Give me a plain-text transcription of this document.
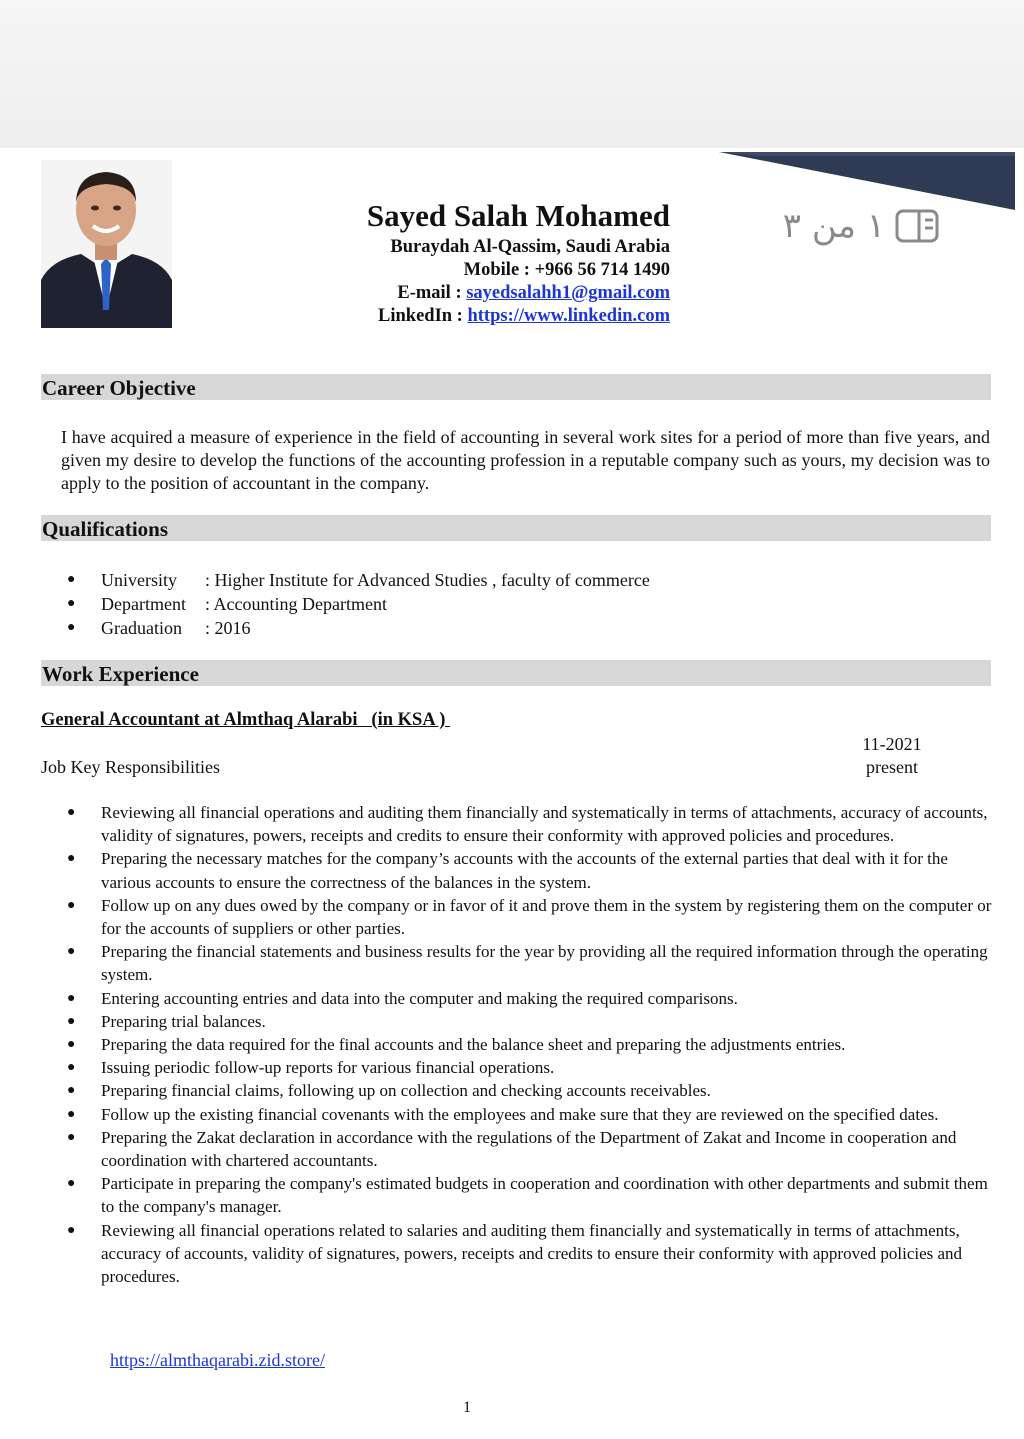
١ من ٣
Sayed Salah Mohamed
Buraydah Al-Qassim, Saudi Arabia
Mobile : +966 56 714 1490
E-mail : sayedsalahh1@gmail.com
LinkedIn : https://www.linkedin.com
Career Objective
I have acquired a measure of experience in the field of accounting in several work sites for a period of more than five years, and given my desire to develop the functions of the accounting profession in a reputable company such as yours, my decision was to apply to the position of accountant in the company.
Qualifications
●	University	: Higher Institute for Advanced Studies , faculty of commerce
●	Department	: Accounting Department
●	Graduation	: 2016
Work Experience
General Accountant at Almthaq Alarabi   (in KSA )
11-2021
present
Job Key Responsibilities
●	Reviewing all financial operations and auditing them financially and systematically in terms of attachments, accuracy of accounts, validity of signatures, powers, receipts and credits to ensure their conformity with approved policies and procedures.
●	Preparing the necessary matches for the company’s accounts with the accounts of the external parties that deal with it for the various accounts to ensure the correctness of the balances in the system.
●	Follow up on any dues owed by the company or in favor of it and prove them in the system by registering them on the computer or for the accounts of suppliers or other parties.
●	Preparing the financial statements and business results for the year by providing all the required information through the operating system.
●	Entering accounting entries and data into the computer and making the required comparisons.
●	Preparing trial balances.
●	Preparing the data required for the final accounts and the balance sheet and preparing the adjustments entries.
●	Issuing periodic follow-up reports for various financial operations.
●	Preparing financial claims, following up on collection and checking accounts receivables.
●	Follow up the existing financial covenants with the employees and make sure that they are reviewed on the specified dates.
●	Preparing the Zakat declaration in accordance with the regulations of the Department of Zakat and Income in cooperation and coordination with chartered accountants.
●	Participate in preparing the company's estimated budgets in cooperation and coordination with other departments and submit them to the company's manager.
●	Reviewing all financial operations related to salaries and auditing them financially and systematically in terms of attachments, accuracy of accounts, validity of signatures, powers, receipts and credits to ensure their conformity with approved policies and procedures.
https://almthaqarabi.zid.store/
1
